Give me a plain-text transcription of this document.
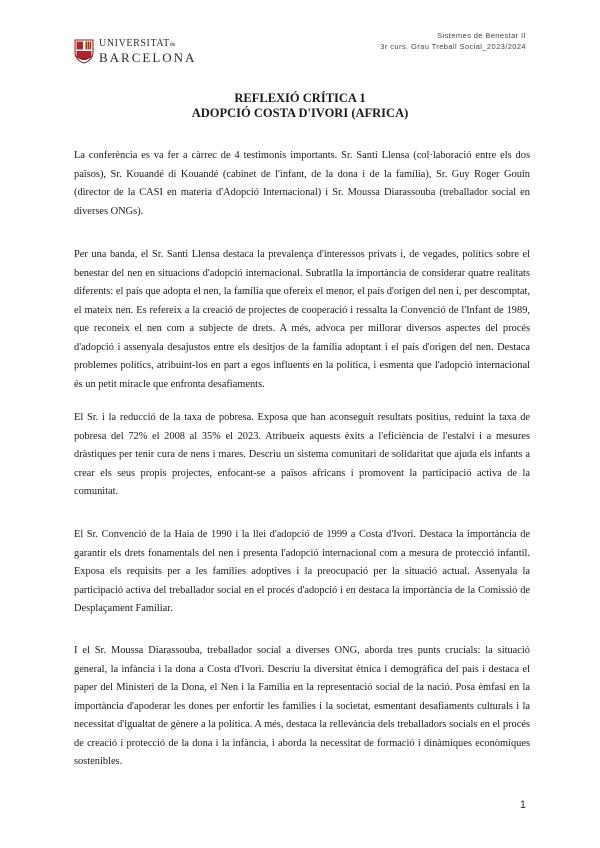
UNIVERSITATde
BARCELONA
Sistemes de Benestar II
3r curs. Grau Treball Social_2023/2024
REFLEXIÓ CRÍTICA 1
ADOPCIÓ COSTA D'IVORI (AFRICA)

La conferència es va fer a càrrec de 4 testimonis importants. Sr. Santi Llensa (col·laboració entre els dos països), Sr. Kouandé di Kouandé (cabinet de l'infant, de la dona i de la família), Sr. Guy Roger Gouin (director de la CASI en materia d'Adopció Internacional) i Sr. Moussa Diarassouba (treballador social en diverses ONGs).

Per una banda, el Sr. Santi Llensa destaca la prevalença d'interessos privats i, de vegades, polítics sobre el benestar del nen en situacions d'adopció internacional. Subratlla la importància de considerar quatre realitats diferents: el país que adopta el nen, la família que ofereix el menor, el país d'origen del nen i, per descomptat, el mateix nen. Es refereix a la creació de projectes de cooperació i ressalta la Convenció de l'Infant de 1989, que reconeix el nen com a subjecte de drets. A més, advoca per millorar diversos aspectes del procés d'adopció i assenyala desajustos entre els desitjos de la família adoptant i el país d'origen del nen. Destaca problemes polítics, atribuint-los en part a egos influents en la política, i esmenta que l'adopció internacional és un petit miracle que enfronta desafiaments.

El Sr. i la reducció de la taxa de pobresa. Exposa que han aconseguit resultats positius, reduint la taxa de pobresa del 72% el 2008 al 35% el 2023. Atribueix aquests èxits a l'eficiència de l'estalvi i a mesures dràstiques per tenir cura de nens i mares. Descriu un sistema comunitari de solidaritat que ajuda els infants a crear els seus propis projectes, enfocant-se a països africans i promovent la participació activa de la comunitat.

El Sr. Convenció de la Haia de 1990 i la llei d'adopció de 1999 a Costa d'Ivori. Destaca la importància de garantir els drets fonamentals del nen i presenta l'adopció internacional com a mesura de protecció infantil. Exposa els requisits per a les famílies adoptives i la preocupació per la situació actual. Assenyala la participació activa del treballador social en el procés d'adopció i en destaca la importància de la Comissió de Desplaçament Familiar.

I el Sr. Moussa Diarassouba, treballador social a diverses ONG, aborda tres punts crucials: la situació general, la infància i la dona a Costa d'Ivori. Descriu la diversitat ètnica i demogràfica del país i destaca el paper del Ministeri de la Dona, el Nen i la Família en la representació social de la nació. Posa èmfasi en la importància d'apoderar les dones per enfortir les famílies i la societat, esmentant desafiaments culturals i la necessitat d'igualtat de gènere a la política. A més, destaca la rellevància dels treballadors socials en el procés de creació i protecció de la dona i la infància, i aborda la necessitat de formació i dinàmiques econòmiques sostenibles.

1
